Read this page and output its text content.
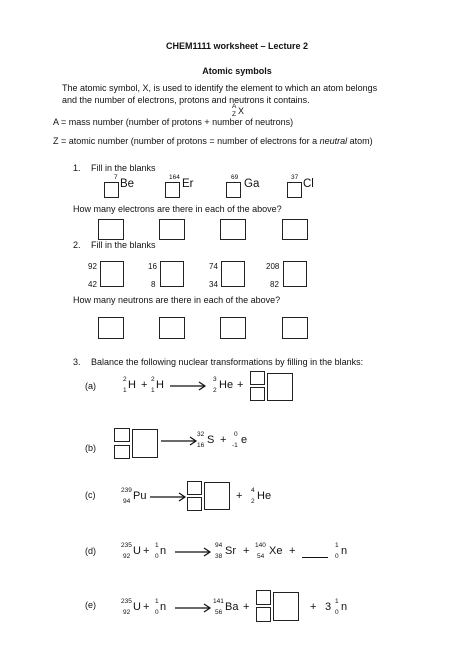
CHEM1111 worksheet – Lecture 2
Atomic symbols
The atomic symbol, X, is used to identify the element to which an atom belongs
and the number of electrons, protons and neutrons it contains.
A
Z X
A = mass number (number of protons + number of neutrons)
Z = atomic number (number of protons = number of electrons for a neutral atom)
1. Fill in the blanks
7
Be
164
Er
69
Ga
37
Cl
How many electrons are there in each of the above?
2. Fill in the blanks
92
42
16
8
74
34
208
82
How many neutrons are there in each of the above?
3. Balance the following nuclear transformations by filling in the blanks:
(a)
2
1 H + 2
1 H	3
2 He +
(b)
32
16 S + 0
-1 e
(c)	239
94 Pu	+ 4
2 He
(d)
235
92 U + 1
0 n	94
38 Sr + 140
54 Xe +	1
0 n
(e)	235
92 U + 1
0 n	141
56 Ba +	+ 3 1
0 n
